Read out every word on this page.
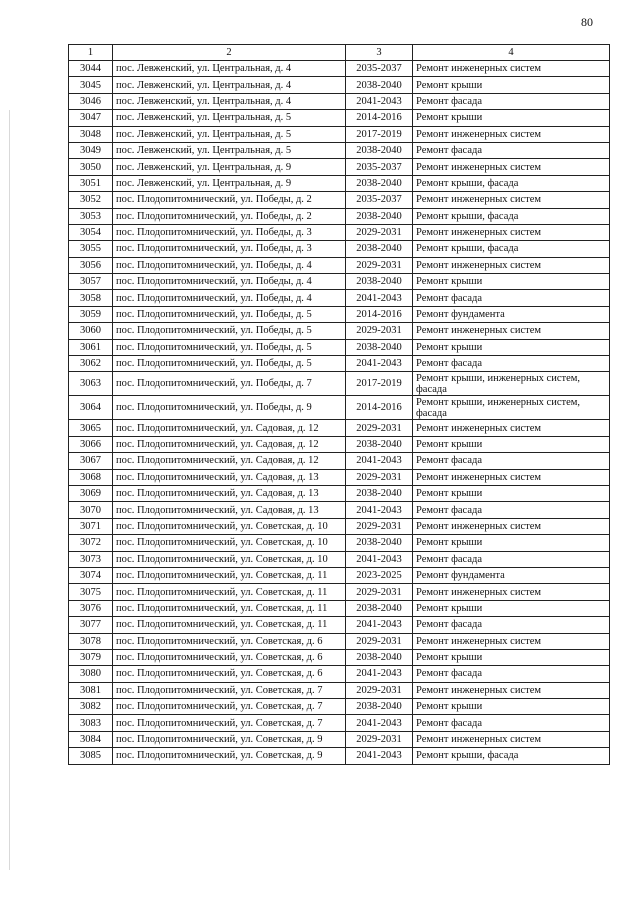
80
1	2	3	4
3044	пос. Левженский, ул. Центральная, д. 4	2035-2037	Ремонт инженерных систем
3045	пос. Левженский, ул. Центральная, д. 4	2038-2040	Ремонт крыши
3046	пос. Левженский, ул. Центральная, д. 4	2041-2043	Ремонт фасада
3047	пос. Левженский, ул. Центральная, д. 5	2014-2016	Ремонт крыши
3048	пос. Левженский, ул. Центральная, д. 5	2017-2019	Ремонт инженерных систем
3049	пос. Левженский, ул. Центральная, д. 5	2038-2040	Ремонт фасада
3050	пос. Левженский, ул. Центральная, д. 9	2035-2037	Ремонт инженерных систем
3051	пос. Левженский, ул. Центральная, д. 9	2038-2040	Ремонт крыши, фасада
3052	пос. Плодопитомнический, ул. Победы, д. 2	2035-2037	Ремонт инженерных систем
3053	пос. Плодопитомнический, ул. Победы, д. 2	2038-2040	Ремонт крыши, фасада
3054	пос. Плодопитомнический, ул. Победы, д. 3	2029-2031	Ремонт инженерных систем
3055	пос. Плодопитомнический, ул. Победы, д. 3	2038-2040	Ремонт крыши, фасада
3056	пос. Плодопитомнический, ул. Победы, д. 4	2029-2031	Ремонт инженерных систем
3057	пос. Плодопитомнический, ул. Победы, д. 4	2038-2040	Ремонт крыши
3058	пос. Плодопитомнический, ул. Победы, д. 4	2041-2043	Ремонт фасада
3059	пос. Плодопитомнический, ул. Победы, д. 5	2014-2016	Ремонт фундамента
3060	пос. Плодопитомнический, ул. Победы, д. 5	2029-2031	Ремонт инженерных систем
3061	пос. Плодопитомнический, ул. Победы, д. 5	2038-2040	Ремонт крыши
3062	пос. Плодопитомнический, ул. Победы, д. 5	2041-2043	Ремонт фасада
3063	пос. Плодопитомнический, ул. Победы, д. 7	2017-2019	Ремонт крыши, инженерных систем, фасада
3064	пос. Плодопитомнический, ул. Победы, д. 9	2014-2016	Ремонт крыши, инженерных систем, фасада
3065	пос. Плодопитомнический, ул. Садовая, д. 12	2029-2031	Ремонт инженерных систем
3066	пос. Плодопитомнический, ул. Садовая, д. 12	2038-2040	Ремонт крыши
3067	пос. Плодопитомнический, ул. Садовая, д. 12	2041-2043	Ремонт фасада
3068	пос. Плодопитомнический, ул. Садовая, д. 13	2029-2031	Ремонт инженерных систем
3069	пос. Плодопитомнический, ул. Садовая, д. 13	2038-2040	Ремонт крыши
3070	пос. Плодопитомнический, ул. Садовая, д. 13	2041-2043	Ремонт фасада
3071	пос. Плодопитомнический, ул. Советская, д. 10	2029-2031	Ремонт инженерных систем
3072	пос. Плодопитомнический, ул. Советская, д. 10	2038-2040	Ремонт крыши
3073	пос. Плодопитомнический, ул. Советская, д. 10	2041-2043	Ремонт фасада
3074	пос. Плодопитомнический, ул. Советская, д. 11	2023-2025	Ремонт фундамента
3075	пос. Плодопитомнический, ул. Советская, д. 11	2029-2031	Ремонт инженерных систем
3076	пос. Плодопитомнический, ул. Советская, д. 11	2038-2040	Ремонт крыши
3077	пос. Плодопитомнический, ул. Советская, д. 11	2041-2043	Ремонт фасада
3078	пос. Плодопитомнический, ул. Советская, д. 6	2029-2031	Ремонт инженерных систем
3079	пос. Плодопитомнический, ул. Советская, д. 6	2038-2040	Ремонт крыши
3080	пос. Плодопитомнический, ул. Советская, д. 6	2041-2043	Ремонт фасада
3081	пос. Плодопитомнический, ул. Советская, д. 7	2029-2031	Ремонт инженерных систем
3082	пос. Плодопитомнический, ул. Советская, д. 7	2038-2040	Ремонт крыши
3083	пос. Плодопитомнический, ул. Советская, д. 7	2041-2043	Ремонт фасада
3084	пос. Плодопитомнический, ул. Советская, д. 9	2029-2031	Ремонт инженерных систем
3085	пос. Плодопитомнический, ул. Советская, д. 9	2041-2043	Ремонт крыши, фасада
